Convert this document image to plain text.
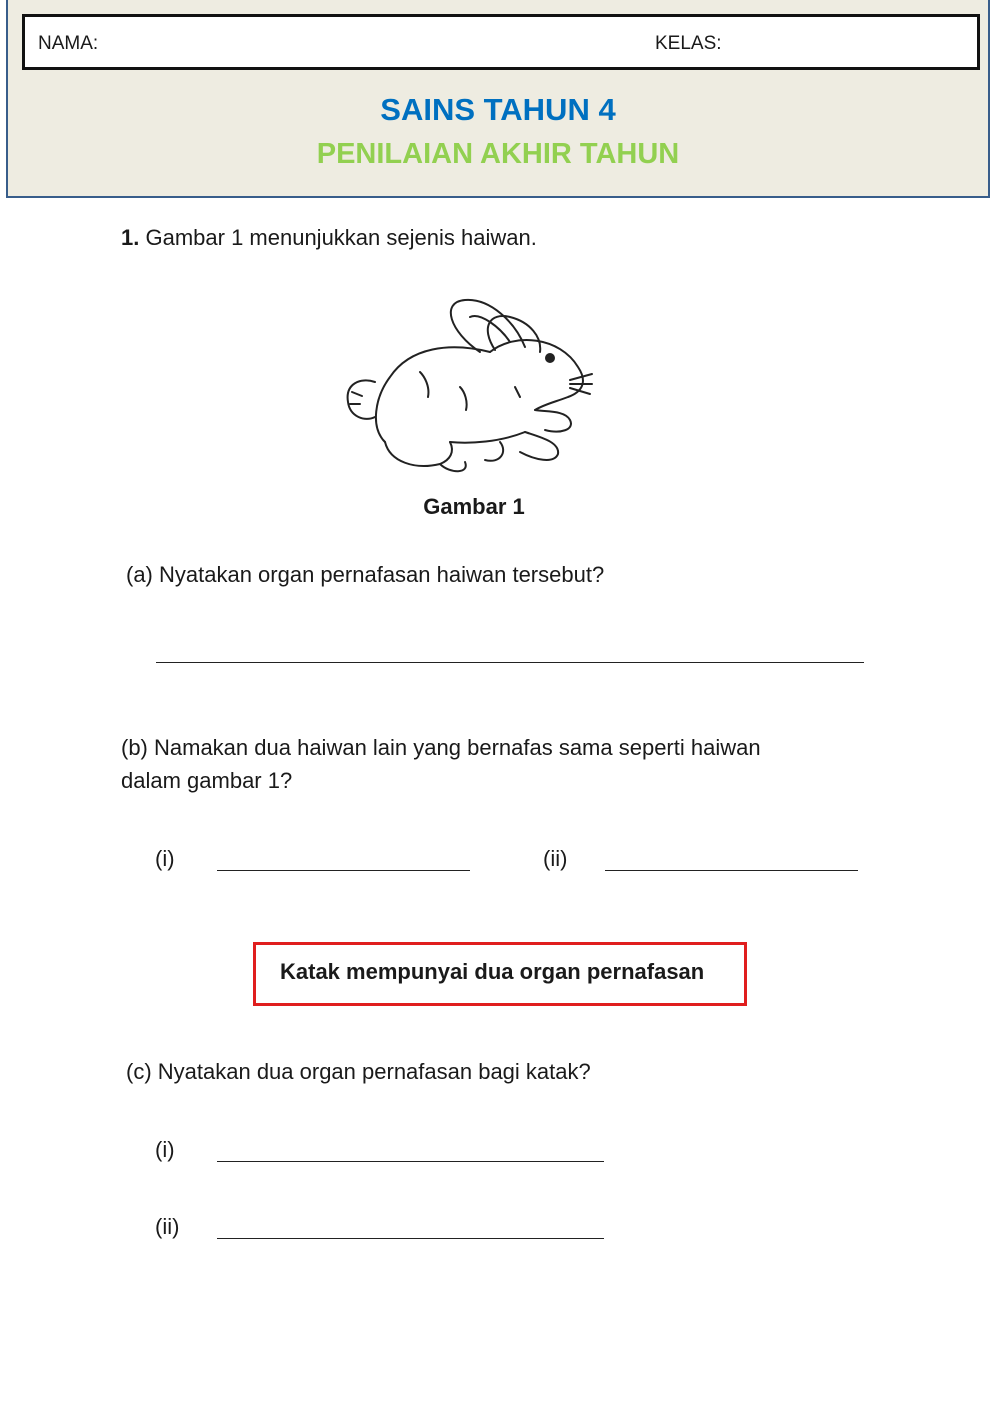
NAMA:	KELAS:
SAINS TAHUN 4
PENILAIAN AKHIR TAHUN
1. Gambar 1 menunjukkan sejenis haiwan.
Gambar 1
(a) Nyatakan organ pernafasan haiwan tersebut?
(b) Namakan dua haiwan lain yang bernafas sama seperti haiwan
dalam gambar 1?
(i)	(ii)
Katak mempunyai dua organ pernafasan
(c) Nyatakan dua organ pernafasan bagi katak?
(i)
(ii)
